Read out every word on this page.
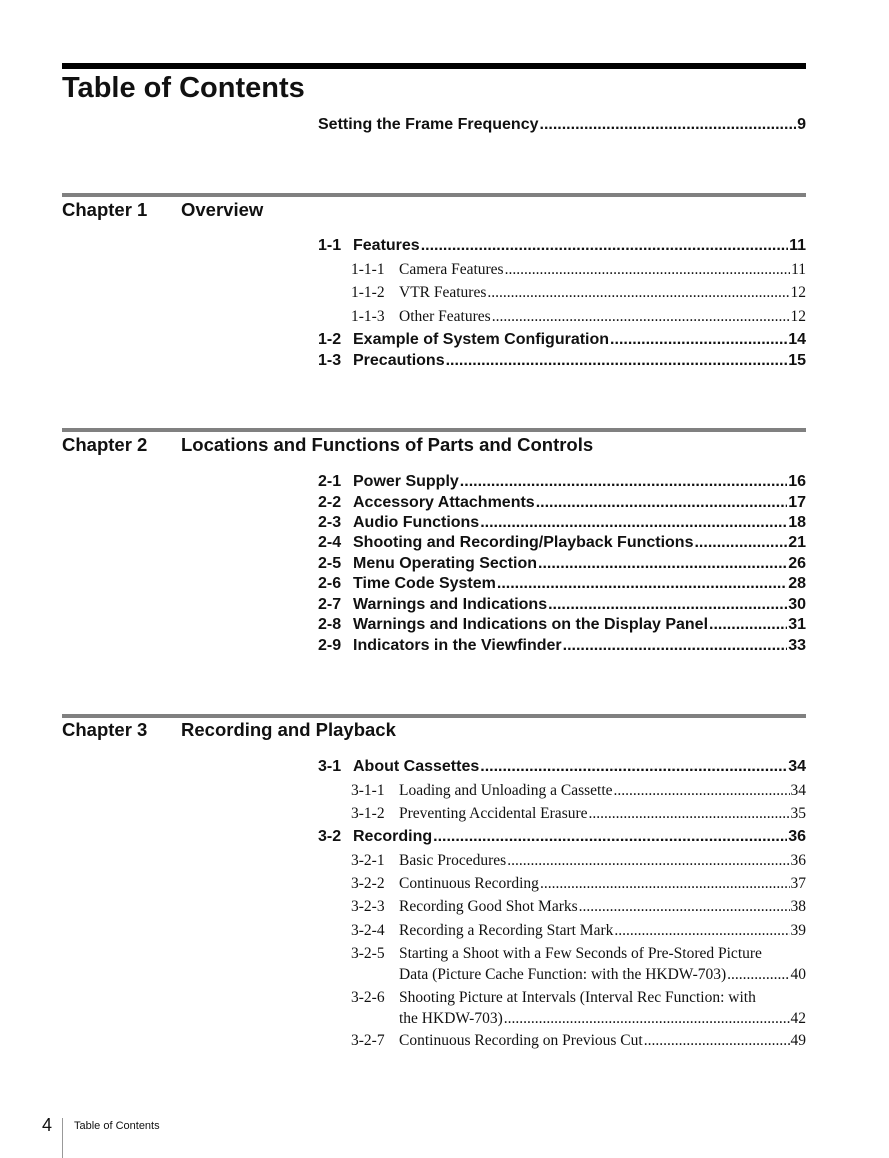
Table of Contents
Setting the Frame Frequency .....	9
Chapter 1 Overview
1-1 Features .....	11
1-1-1 Camera Features .....	11
1-1-2 VTR Features .....	12
1-1-3 Other Features .....	12
1-2 Example of System Configuration .....	14
1-3 Precautions .....	15
Chapter 2 Locations and Functions of Parts and Controls
2-1 Power Supply .....	16
2-2 Accessory Attachments .....	17
2-3 Audio Functions .....	18
2-4 Shooting and Recording/Playback Functions .....	21
2-5 Menu Operating Section .....	26
2-6 Time Code System .....	28
2-7 Warnings and Indications .....	30
2-8 Warnings and Indications on the Display Panel .....	31
2-9 Indicators in the Viewfinder .....	33
Chapter 3 Recording and Playback
3-1 About Cassettes .....	34
3-1-1 Loading and Unloading a Cassette .....	34
3-1-2 Preventing Accidental Erasure .....	35
3-2 Recording .....	36
3-2-1 Basic Procedures .....	36
3-2-2 Continuous Recording .....	37
3-2-3 Recording Good Shot Marks .....	38
3-2-4 Recording a Recording Start Mark .....	39
3-2-5 Starting a Shoot with a Few Seconds of Pre-Stored Picture
Data (Picture Cache Function: with the HKDW-703) .....	40
3-2-6 Shooting Picture at Intervals (Interval Rec Function: with
the HKDW-703) .....	42
3-2-7 Continuous Recording on Previous Cut .....	49
4 Table of Contents
